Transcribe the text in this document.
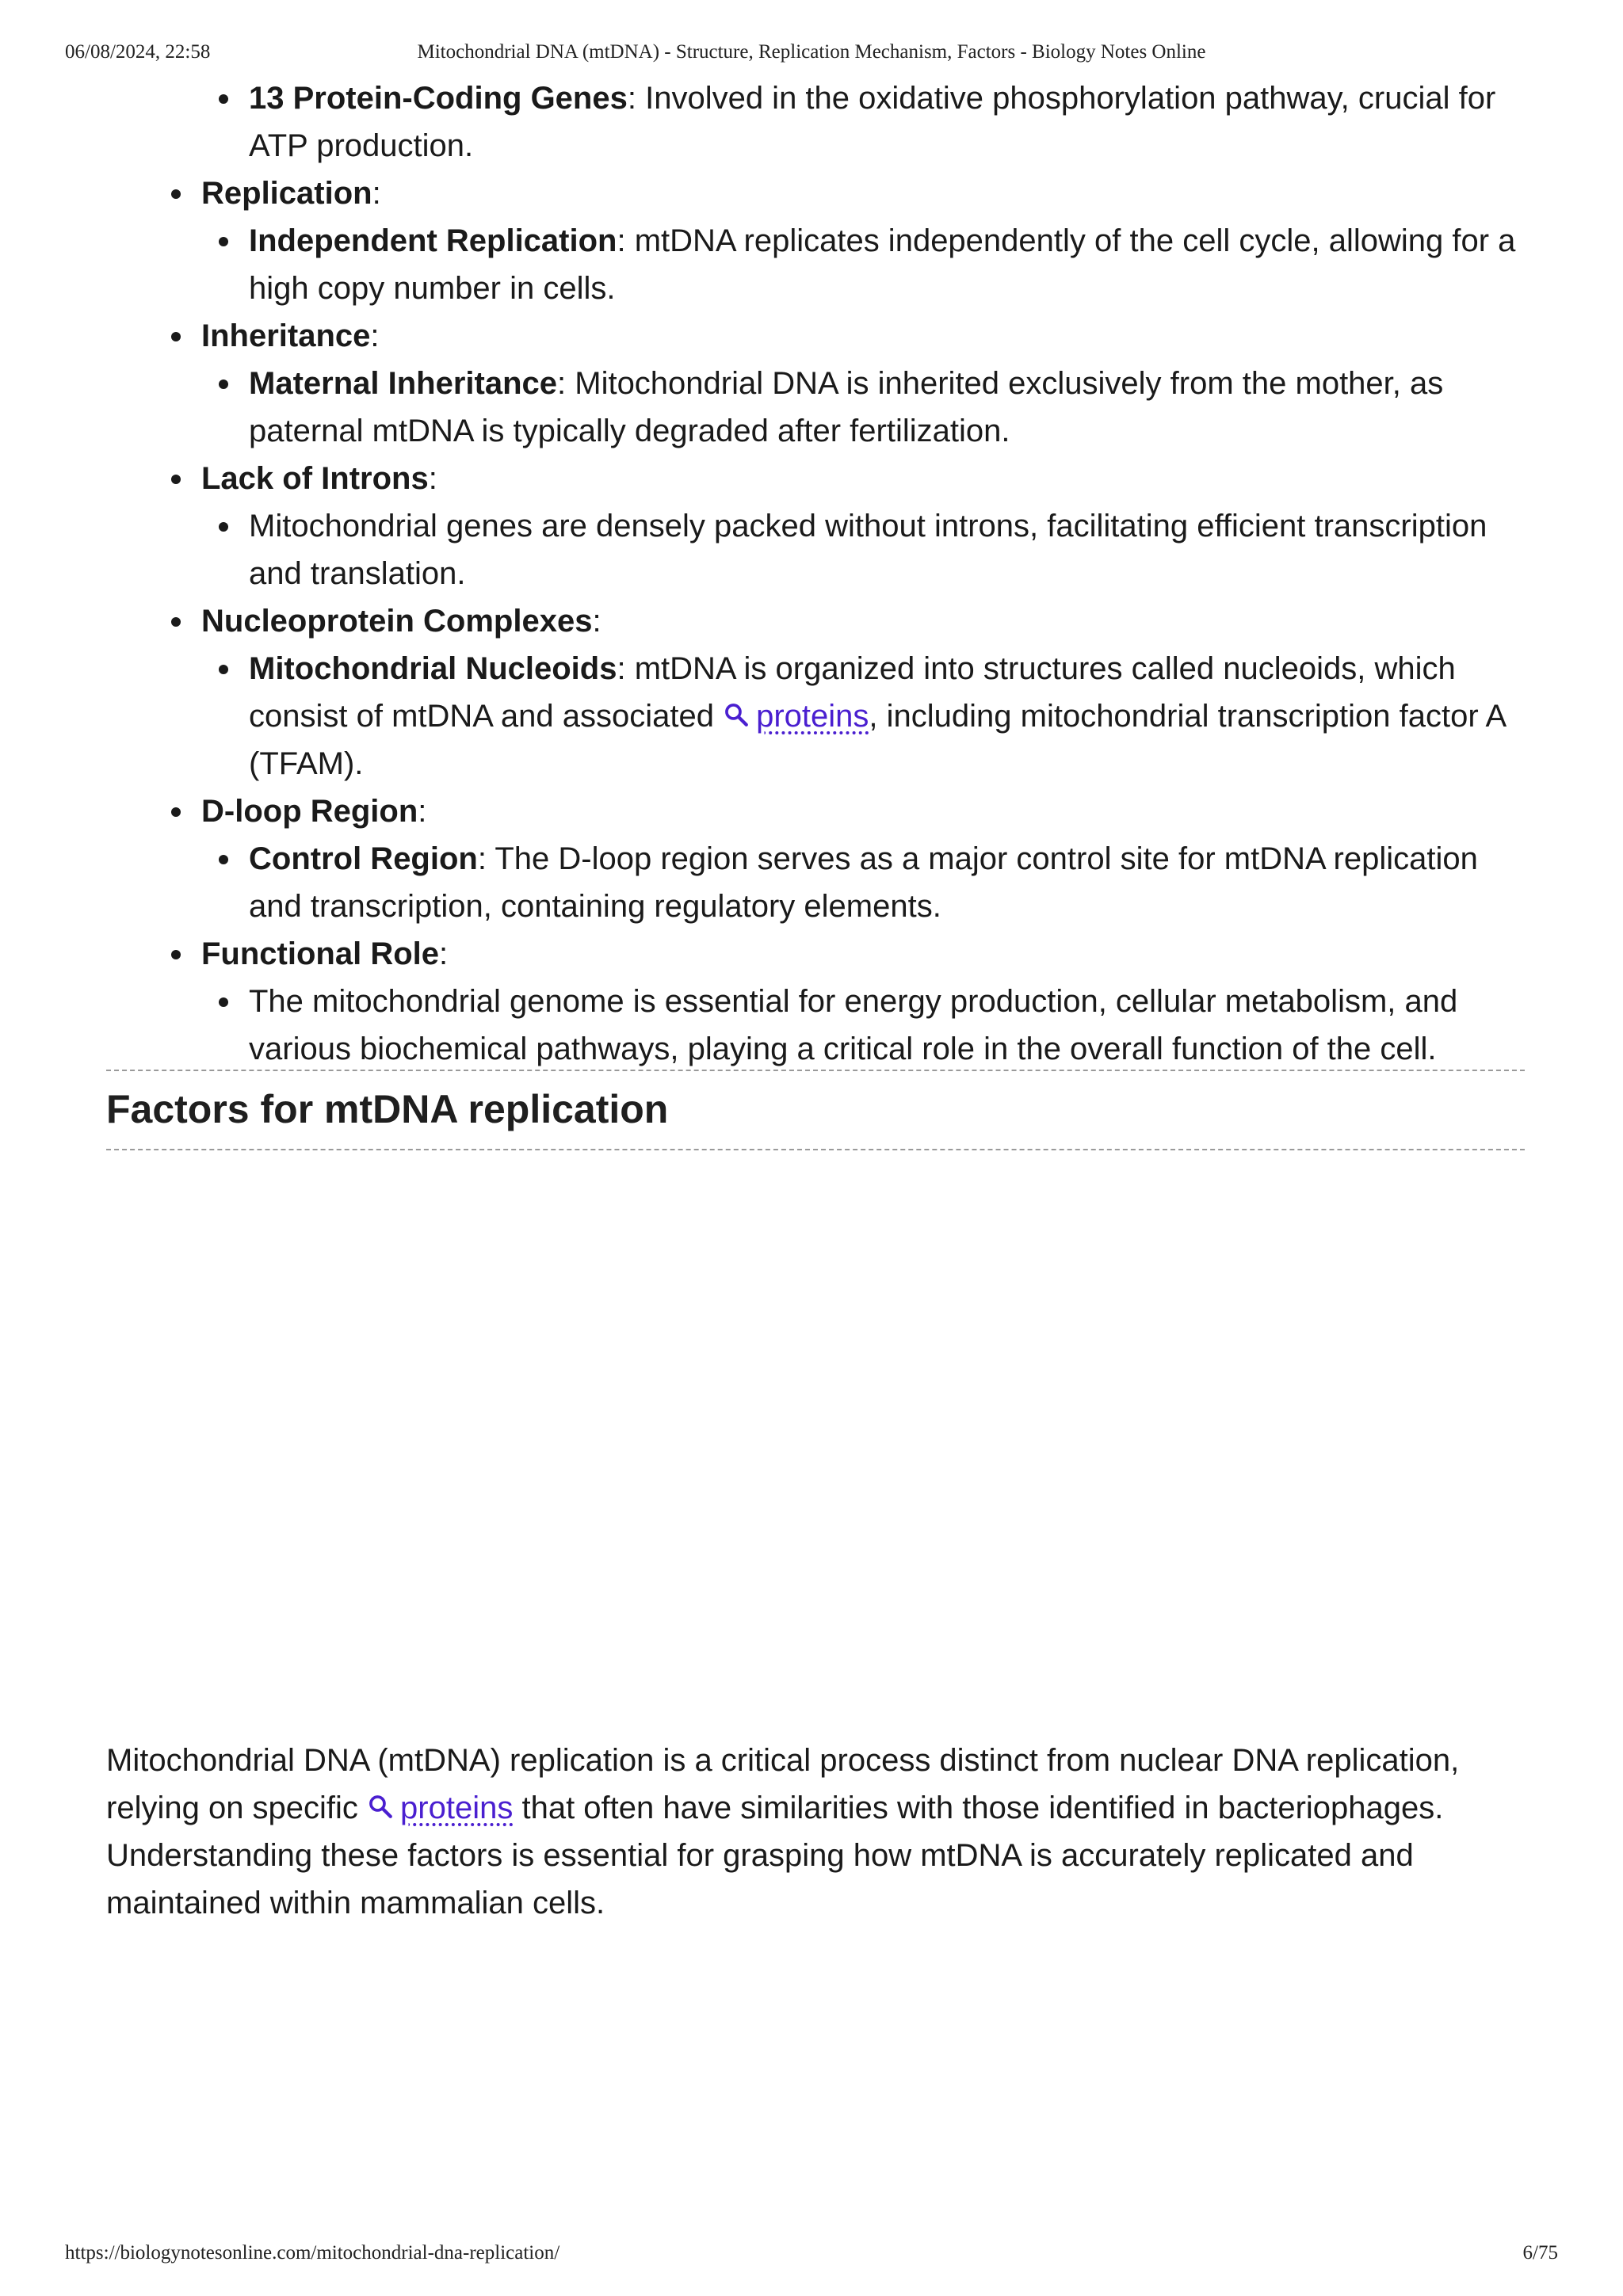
06/08/2024, 22:58	Mitochondrial DNA (mtDNA) - Structure, Replication Mechanism, Factors - Biology Notes Online
13 Protein-Coding Genes: Involved in the oxidative phosphorylation pathway, crucial for ATP production.
Replication:
Independent Replication: mtDNA replicates independently of the cell cycle, allowing for a high copy number in cells.
Inheritance:
Maternal Inheritance: Mitochondrial DNA is inherited exclusively from the mother, as paternal mtDNA is typically degraded after fertilization.
Lack of Introns:
Mitochondrial genes are densely packed without introns, facilitating efficient transcription and translation.
Nucleoprotein Complexes:
Mitochondrial Nucleoids: mtDNA is organized into structures called nucleoids, which consist of mtDNA and associated proteins, including mitochondrial transcription factor A (TFAM).
D-loop Region:
Control Region: The D-loop region serves as a major control site for mtDNA replication and transcription, containing regulatory elements.
Functional Role:
The mitochondrial genome is essential for energy production, cellular metabolism, and various biochemical pathways, playing a critical role in the overall function of the cell.
Factors for mtDNA replication

Mitochondrial DNA (mtDNA) replication is a critical process distinct from nuclear DNA replication, relying on specific proteins that often have similarities with those identified in bacteriophages. Understanding these factors is essential for grasping how mtDNA is accurately replicated and maintained within mammalian cells.

https://biologynotesonline.com/mitochondrial-dna-replication/	6/75
